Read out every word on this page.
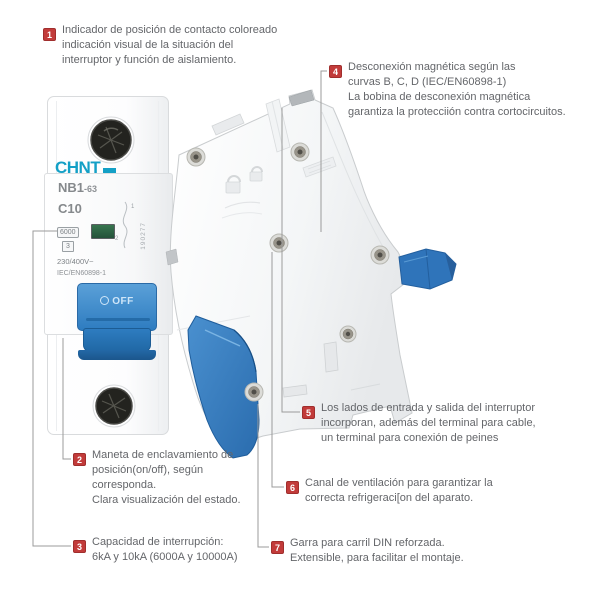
CHNT
NB1-63
C10
6000
3
230/400V~
IEC/EN60898-1
190277
1
2
OFF
1 Indicador de posición de contacto coloreado
indicación visual de la situación del
interruptor y función de aislamiento.
2 Maneta de enclavamiento de
posición(on/off), según
corresponda.
Clara visualización del estado.
3 Capacidad de interrupción:
6kA y 10kA (6000A y 10000A)
4 Desconexión magnética según las
curvas B, C, D (IEC/EN60898-1)
La bobina de desconexión magnética
garantiza la protecciión contra cortocircuitos.
5 Los lados de entrada y salida del interruptor
incorporan, además del terminal para cable,
un terminal para conexión de peines
6 Canal de ventilación para garantizar la
correcta refrigeraci[on del aparato.
7 Garra para carril DIN reforzada.
Extensible, para facilitar el montaje.
